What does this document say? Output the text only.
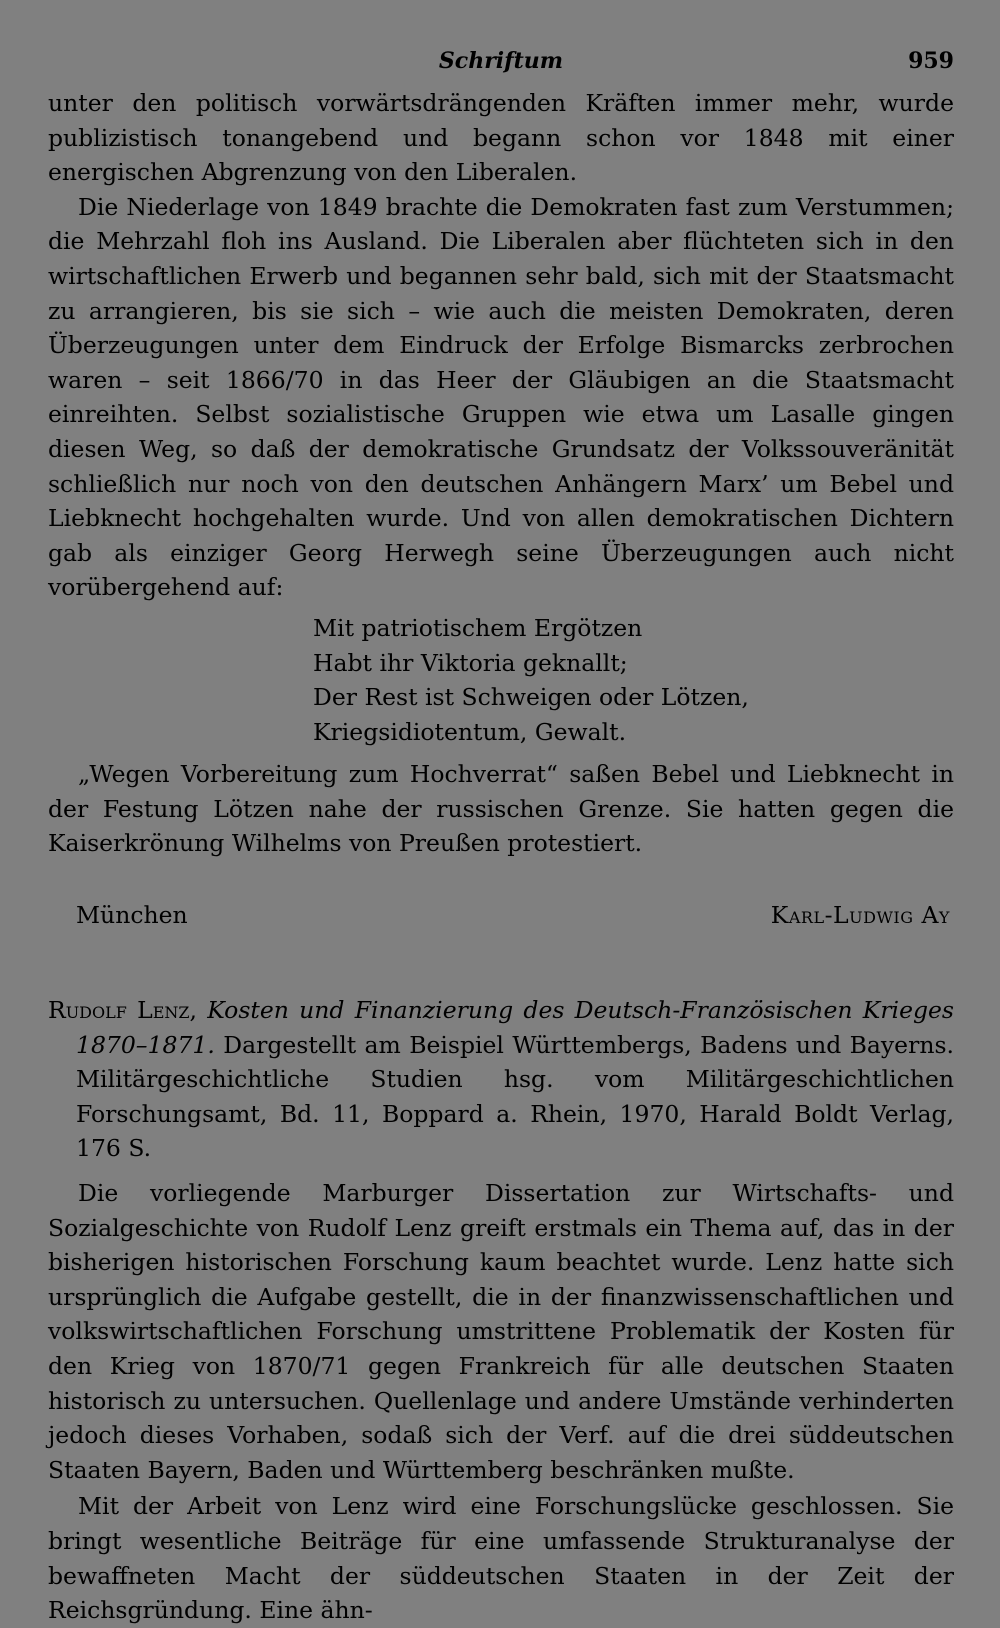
Schriftum	959

unter den politisch vorwärtsdrängenden Kräften immer mehr, wurde publizistisch tonangebend und begann schon vor 1848 mit einer energischen Abgrenzung von den Liberalen.

Die Niederlage von 1849 brachte die Demokraten fast zum Verstummen; die Mehrzahl floh ins Ausland. Die Liberalen aber flüchteten sich in den wirtschaftlichen Erwerb und begannen sehr bald, sich mit der Staatsmacht zu arrangieren, bis sie sich – wie auch die meisten Demokraten, deren Überzeugungen unter dem Eindruck der Erfolge Bismarcks zerbrochen waren – seit 1866/70 in das Heer der Gläubigen an die Staatsmacht einreihten. Selbst sozialistische Gruppen wie etwa um Lasalle gingen diesen Weg, so daß der demokratische Grundsatz der Volkssouveränität schließlich nur noch von den deutschen Anhängern Marx’ um Bebel und Liebknecht hochgehalten wurde. Und von allen demokratischen Dichtern gab als einziger Georg Herwegh seine Überzeugungen auch nicht vorübergehend auf:

Mit patriotischem Ergötzen
Habt ihr Viktoria geknallt;
Der Rest ist Schweigen oder Lötzen,
Kriegsidiotentum, Gewalt.

„Wegen Vorbereitung zum Hochverrat“ saßen Bebel und Liebknecht in der Festung Lötzen nahe der russischen Grenze. Sie hatten gegen die Kaiserkrönung Wilhelms von Preußen protestiert.

München	Karl-Ludwig Ay
Rudolf Lenz, Kosten und Finanzierung des Deutsch-Französischen Krieges 1870–1871. Dargestellt am Beispiel Württembergs, Badens und Bayerns. Militärgeschichtliche Studien hsg. vom Militärgeschichtlichen Forschungsamt, Bd. 11, Boppard a. Rhein, 1970, Harald Boldt Verlag, 176 S.

Die vorliegende Marburger Dissertation zur Wirtschafts- und Sozialgeschichte von Rudolf Lenz greift erstmals ein Thema auf, das in der bisherigen historischen Forschung kaum beachtet wurde. Lenz hatte sich ursprünglich die Aufgabe gestellt, die in der finanzwissenschaftlichen und volkswirtschaftlichen Forschung umstrittene Problematik der Kosten für den Krieg von 1870/71 gegen Frankreich für alle deutschen Staaten historisch zu untersuchen. Quellenlage und andere Umstände verhinderten jedoch dieses Vorhaben, sodaß sich der Verf. auf die drei süddeutschen Staaten Bayern, Baden und Württemberg beschränken mußte.

Mit der Arbeit von Lenz wird eine Forschungslücke geschlossen. Sie bringt wesentliche Beiträge für eine umfassende Strukturanalyse der bewaffneten Macht der süddeutschen Staaten in der Zeit der Reichsgründung. Eine ähn-
